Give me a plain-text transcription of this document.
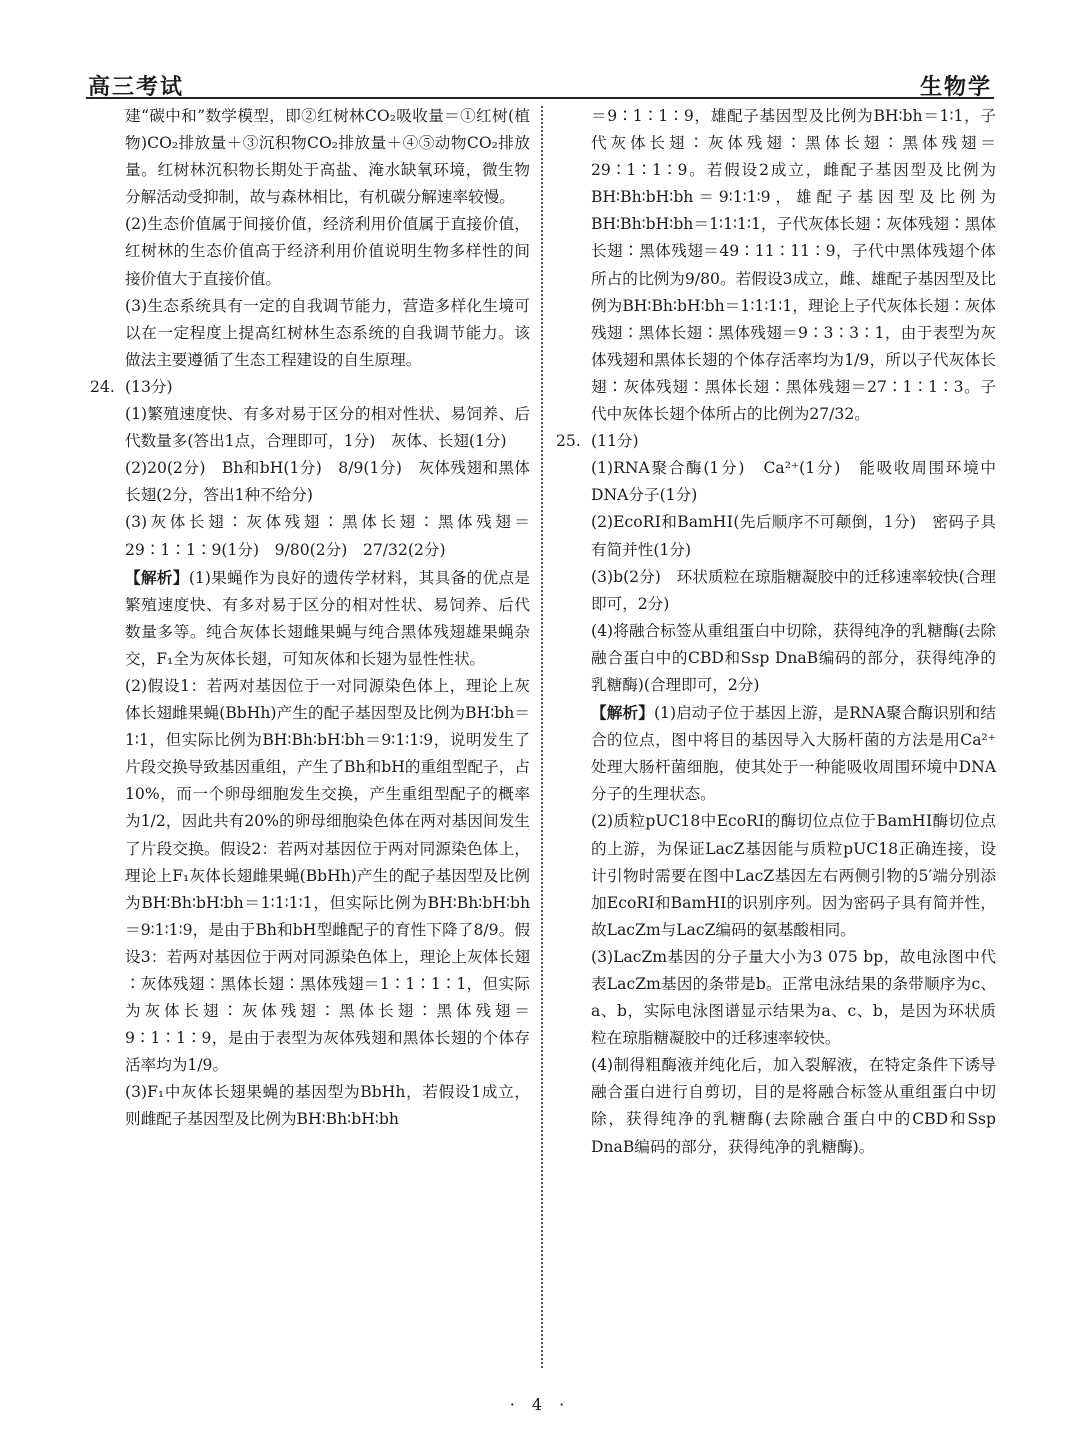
高三考试	生物学

建“碳中和”数学模型，即②红树林CO₂吸收量＝①红树(植物)CO₂排放量＋③沉积物CO₂排放量＋④⑤动物CO₂排放量。红树林沉积物长期处于高盐、淹水缺氧环境，微生物分解活动受抑制，故与森林相比，有机碳分解速率较慢。

(2)生态价值属于间接价值，经济利用价值属于直接价值，红树林的生态价值高于经济利用价值说明生物多样性的间接价值大于直接价值。

(3)生态系统具有一定的自我调节能力，营造多样化生境可以在一定程度上提高红树林生态系统的自我调节能力。该做法主要遵循了生态工程建设的自生原理。

24. (13分)

(1)繁殖速度快、有多对易于区分的相对性状、易饲养、后代数量多(答出1点，合理即可，1分)　灰体、长翅(1分)

(2)20(2分)　Bh和bH(1分)　8/9(1分)　灰体残翅和黑体长翅(2分，答出1种不给分)

(3)灰体长翅∶灰体残翅∶黑体长翅∶黑体残翅＝29∶1∶1∶9(1分)　9/80(2分)　27/32(2分)

【解析】(1)果蝇作为良好的遗传学材料，其具备的优点是繁殖速度快、有多对易于区分的相对性状、易饲养、后代数量多等。纯合灰体长翅雌果蝇与纯合黑体残翅雄果蝇杂交，F₁全为灰体长翅，可知灰体和长翅为显性性状。

(2)假设1：若两对基因位于一对同源染色体上，理论上灰体长翅雌果蝇(BbHh)产生的配子基因型及比例为BH∶bh＝1∶1，但实际比例为BH∶Bh∶bH∶bh＝9∶1∶1∶9，说明发生了片段交换导致基因重组，产生了Bh和bH的重组型配子，占10%，而一个卵母细胞发生交换，产生重组型配子的概率为1/2，因此共有20%的卵母细胞染色体在两对基因间发生了片段交换。假设2：若两对基因位于两对同源染色体上，理论上F₁灰体长翅雌果蝇(BbHh)产生的配子基因型及比例为BH∶Bh∶bH∶bh＝1∶1∶1∶1，但实际比例为BH∶Bh∶bH∶bh＝9∶1∶1∶9，是由于Bh和bH型雌配子的育性下降了8/9。假设3：若两对基因位于两对同源染色体上，理论上灰体长翅∶灰体残翅∶黑体长翅∶黑体残翅＝1∶1∶1∶1，但实际为灰体长翅∶灰体残翅∶黑体长翅∶黑体残翅＝9∶1∶1∶9，是由于表型为灰体残翅和黑体长翅的个体存活率均为1/9。

(3)F₁中灰体长翅果蝇的基因型为BbHh，若假设1成立，则雌配子基因型及比例为BH∶Bh∶bH∶bh

＝9∶1∶1∶9，雄配子基因型及比例为BH∶bh＝1∶1，子代灰体长翅∶灰体残翅∶黑体长翅∶黑体残翅＝29∶1∶1∶9。若假设2成立，雌配子基因型及比例为BH∶Bh∶bH∶bh＝9∶1∶1∶9，雄配子基因型及比例为BH∶Bh∶bH∶bh＝1∶1∶1∶1，子代灰体长翅∶灰体残翅∶黑体长翅∶黑体残翅＝49∶11∶11∶9，子代中黑体残翅个体所占的比例为9/80。若假设3成立，雌、雄配子基因型及比例为BH∶Bh∶bH∶bh＝1∶1∶1∶1，理论上子代灰体长翅∶灰体残翅∶黑体长翅∶黑体残翅＝9∶3∶3∶1，由于表型为灰体残翅和黑体长翅的个体存活率均为1/9，所以子代灰体长翅∶灰体残翅∶黑体长翅∶黑体残翅＝27∶1∶1∶3。子代中灰体长翅个体所占的比例为27/32。

25. (11分)

(1)RNA聚合酶(1分)　Ca²⁺(1分)　能吸收周围环境中DNA分子(1分)

(2)EcoRⅠ和BamHⅠ(先后顺序不可颠倒，1分)　密码子具有简并性(1分)

(3)b(2分)　环状质粒在琼脂糖凝胶中的迁移速率较快(合理即可，2分)

(4)将融合标签从重组蛋白中切除，获得纯净的乳糖酶(去除融合蛋白中的CBD和Ssp DnaB编码的部分，获得纯净的乳糖酶)(合理即可，2分)

【解析】(1)启动子位于基因上游，是RNA聚合酶识别和结合的位点，图中将目的基因导入大肠杆菌的方法是用Ca²⁺处理大肠杆菌细胞，使其处于一种能吸收周围环境中DNA分子的生理状态。

(2)质粒pUC18中EcoRⅠ的酶切位点位于BamHⅠ酶切位点的上游，为保证LacZ基因能与质粒pUC18正确连接，设计引物时需要在图中LacZ基因左右两侧引物的5′端分别添加EcoRⅠ和BamHⅠ的识别序列。因为密码子具有简并性，故LacZm与LacZ编码的氨基酸相同。

(3)LacZm基因的分子量大小为3 075 bp，故电泳图中代表LacZm基因的条带是b。正常电泳结果的条带顺序为c、a、b，实际电泳图谱显示结果为a、c、b，是因为环状质粒在琼脂糖凝胶中的迁移速率较快。

(4)制得粗酶液并纯化后，加入裂解液，在特定条件下诱导融合蛋白进行自剪切，目的是将融合标签从重组蛋白中切除，获得纯净的乳糖酶(去除融合蛋白中的CBD和Ssp DnaB编码的部分，获得纯净的乳糖酶)。

· 4 ·
